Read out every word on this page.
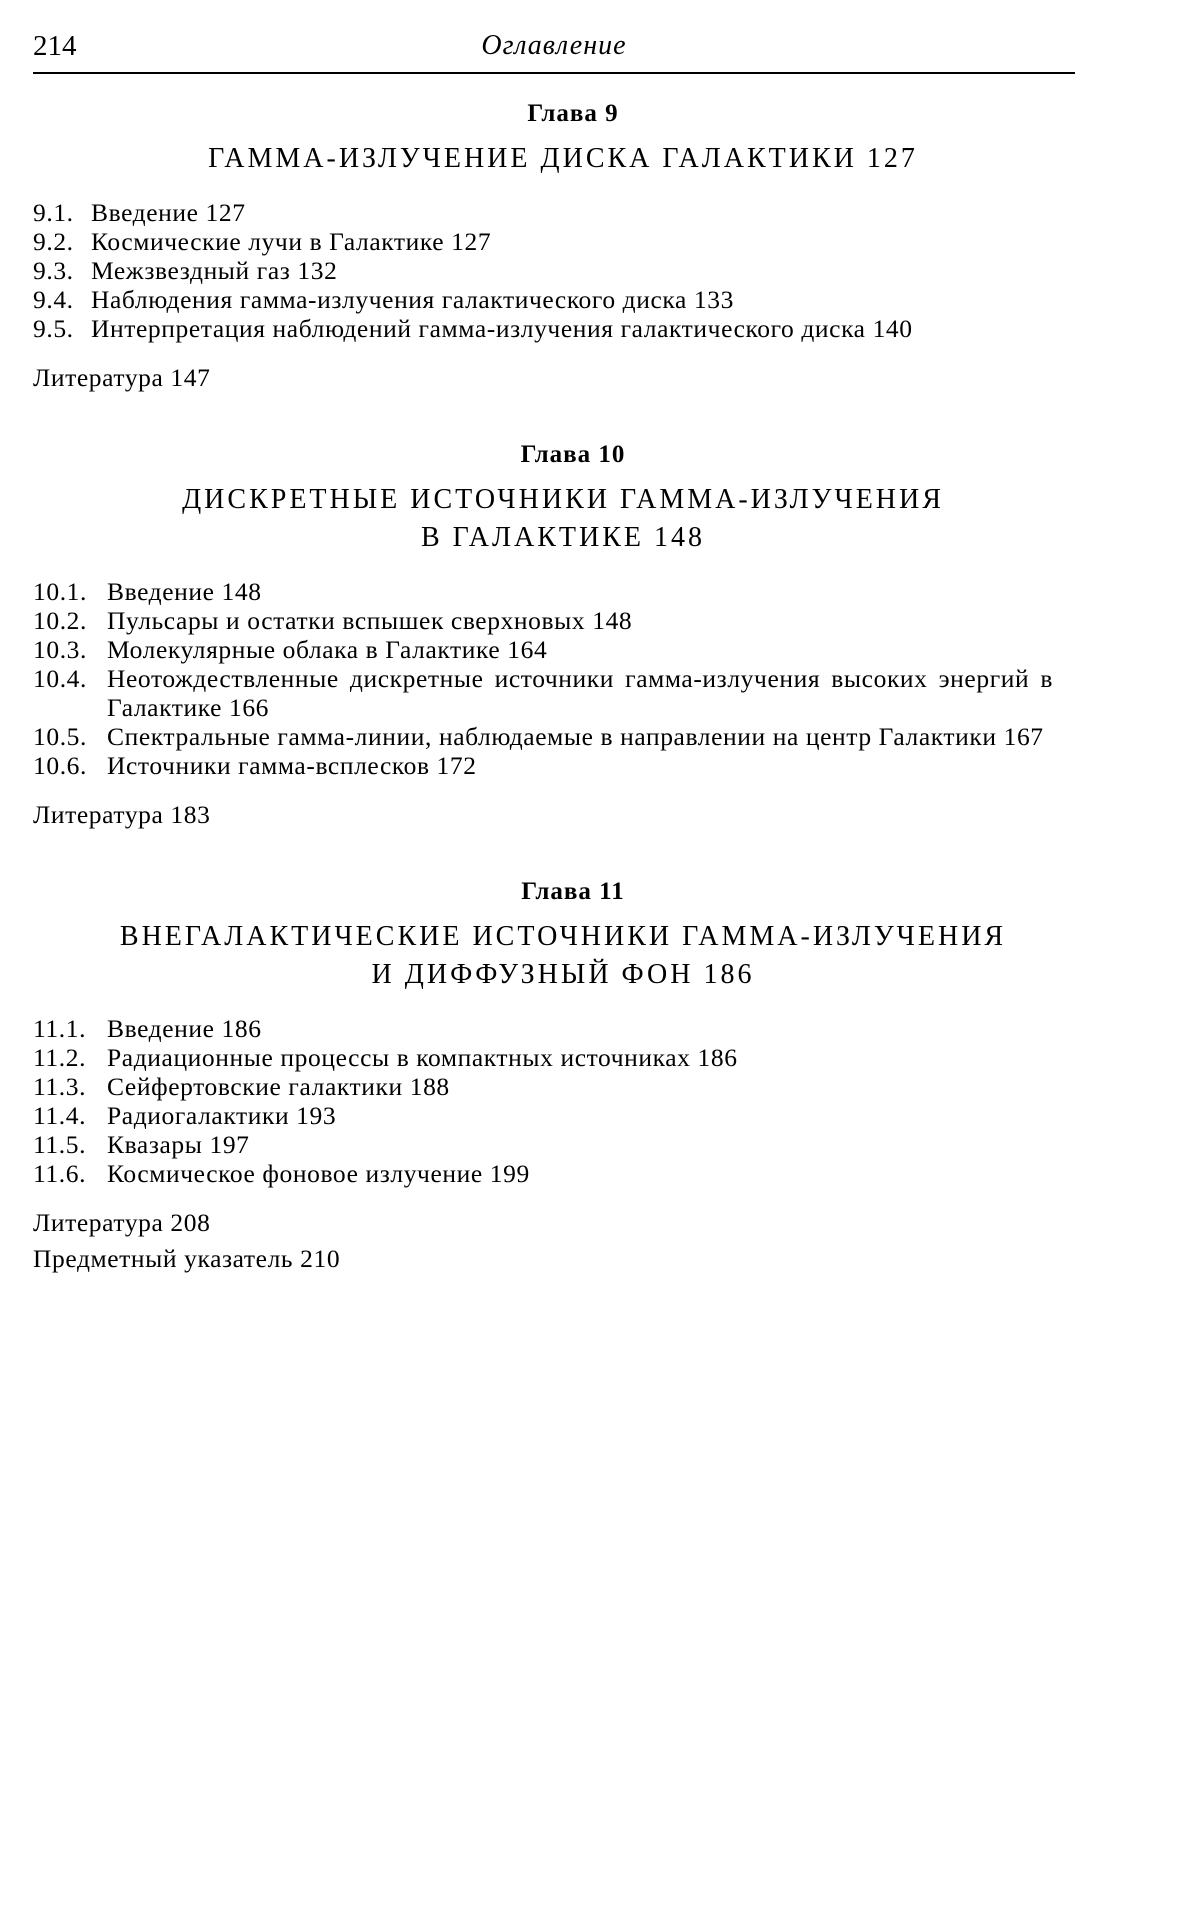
214	Оглавление
Глава 9
ГАММА-ИЗЛУЧЕНИЕ ДИСКА ГАЛАКТИКИ 127
9.1. Введение 127
9.2. Космические лучи в Галактике 127
9.3. Межзвездный газ 132
9.4. Наблюдения гамма-излучения галактического диска 133
9.5. Интерпретация наблюдений гамма-излучения галактического диска 140
Литература 147
Глава 10
ДИСКРЕТНЫЕ ИСТОЧНИКИ ГАММА-ИЗЛУЧЕНИЯ
В ГАЛАКТИКЕ 148
10.1. Введение 148
10.2. Пульсары и остатки вспышек сверхновых 148
10.3. Молекулярные облака в Галактике 164
10.4. Неотождествленные дискретные источники гамма-излучения высоких энергий в Галактике 166
10.5. Спектральные гамма-линии, наблюдаемые в направлении на центр Галактики 167
10.6. Источники гамма-всплесков 172
Литература 183
Глава 11
ВНЕГАЛАКТИЧЕСКИЕ ИСТОЧНИКИ ГАММА-ИЗЛУЧЕНИЯ
И ДИФФУЗНЫЙ ФОН 186
11.1. Введение 186
11.2. Радиационные процессы в компактных источниках 186
11.3. Сейфертовские галактики 188
11.4. Радиогалактики 193
11.5. Квазары 197
11.6. Космическое фоновое излучение 199
Литература 208
Предметный указатель 210
